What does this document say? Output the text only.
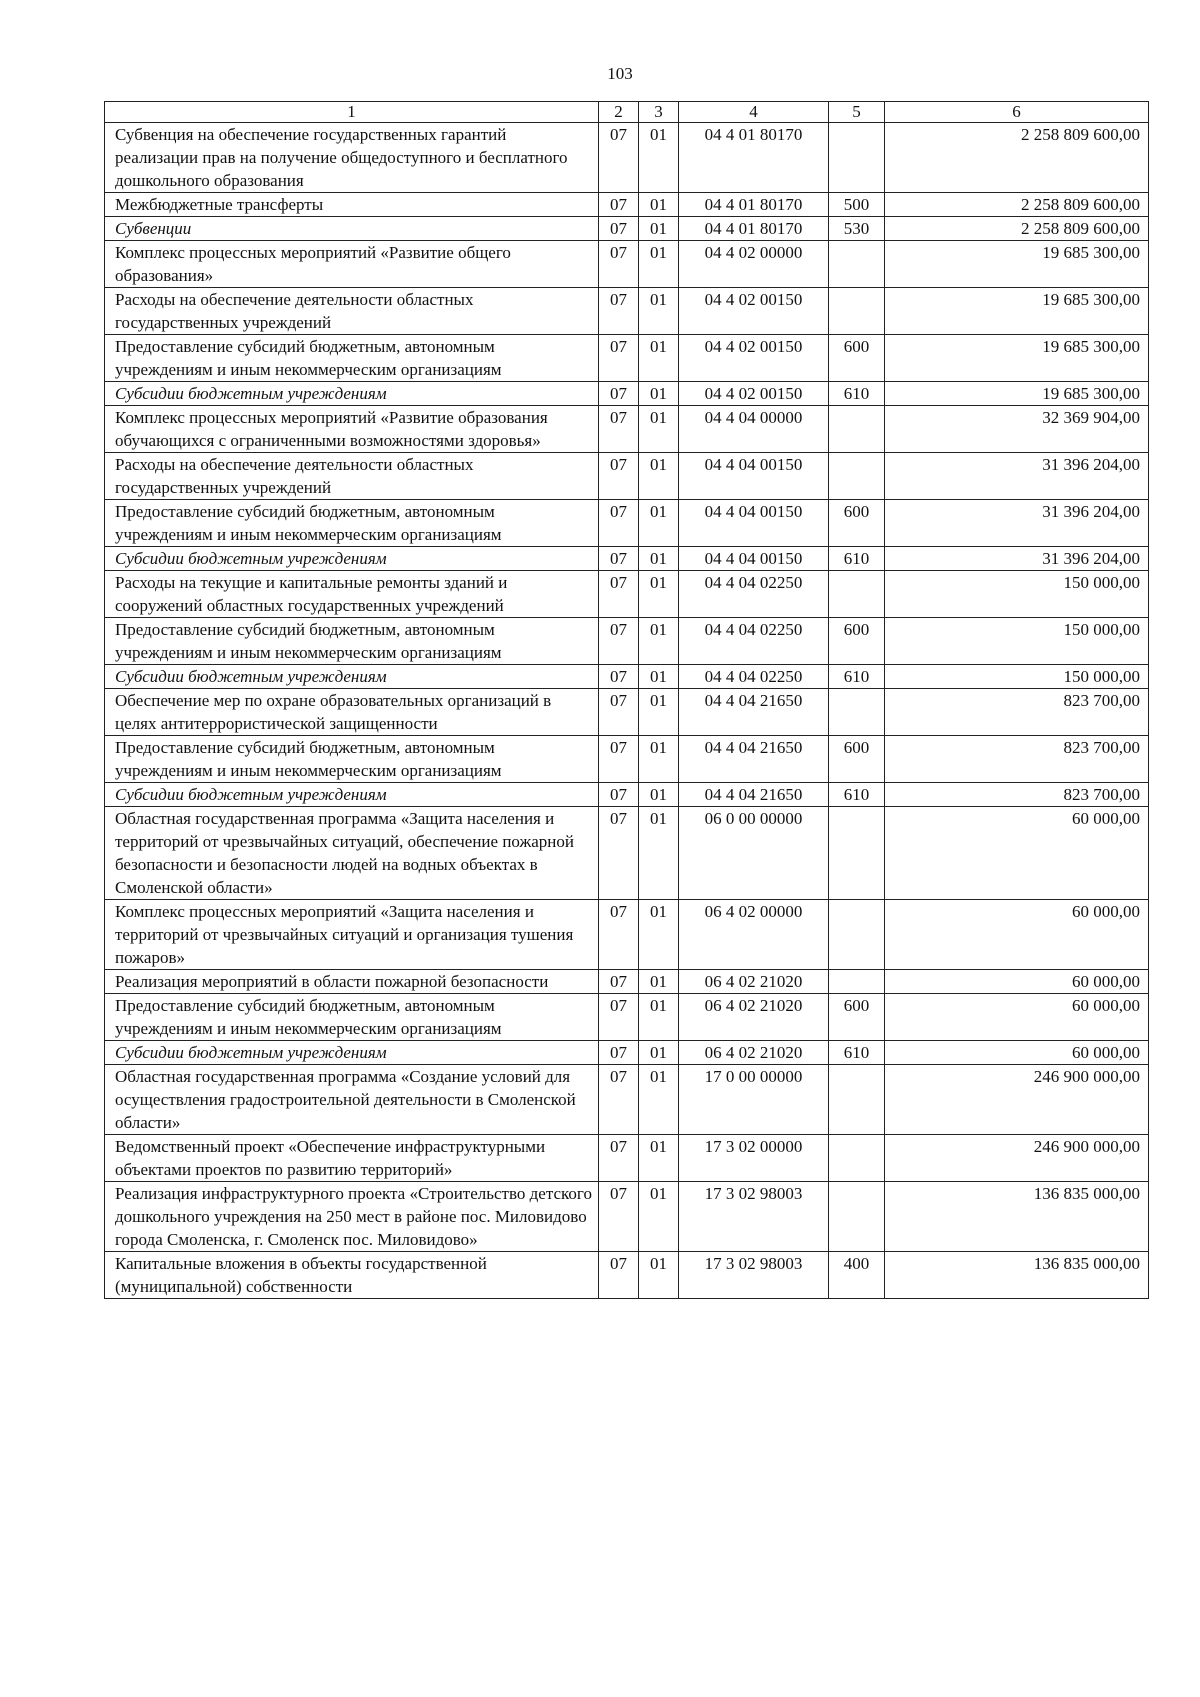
103
1	2	3	4	5	6
Субвенция на обеспечение государственных гарантий реализации прав на получение общедоступного и бесплатного дошкольного образования	07	01	04 4 01 80170		2 258 809 600,00
Межбюджетные трансферты	07	01	04 4 01 80170	500	2 258 809 600,00
Субвенции	07	01	04 4 01 80170	530	2 258 809 600,00
Комплекс процессных мероприятий «Развитие общего образования»	07	01	04 4 02 00000		19 685 300,00
Расходы на обеспечение деятельности областных государственных учреждений	07	01	04 4 02 00150		19 685 300,00
Предоставление субсидий бюджетным, автономным учреждениям и иным некоммерческим организациям	07	01	04 4 02 00150	600	19 685 300,00
Субсидии бюджетным учреждениям	07	01	04 4 02 00150	610	19 685 300,00
Комплекс процессных мероприятий «Развитие образования обучающихся с ограниченными возможностями здоровья»	07	01	04 4 04 00000		32 369 904,00
Расходы на обеспечение деятельности областных государственных учреждений	07	01	04 4 04 00150		31 396 204,00
Предоставление субсидий бюджетным, автономным учреждениям и иным некоммерческим организациям	07	01	04 4 04 00150	600	31 396 204,00
Субсидии бюджетным учреждениям	07	01	04 4 04 00150	610	31 396 204,00
Расходы на текущие и капитальные ремонты зданий и сооружений областных государственных учреждений	07	01	04 4 04 02250		150 000,00
Предоставление субсидий бюджетным, автономным учреждениям и иным некоммерческим организациям	07	01	04 4 04 02250	600	150 000,00
Субсидии бюджетным учреждениям	07	01	04 4 04 02250	610	150 000,00
Обеспечение мер по охране образовательных организаций в целях антитеррористической защищенности	07	01	04 4 04 21650		823 700,00
Предоставление субсидий бюджетным, автономным учреждениям и иным некоммерческим организациям	07	01	04 4 04 21650	600	823 700,00
Субсидии бюджетным учреждениям	07	01	04 4 04 21650	610	823 700,00
Областная государственная программа «Защита населения и территорий от чрезвычайных ситуаций, обеспечение пожарной безопасности и безопасности людей на водных объектах в Смоленской области»	07	01	06 0 00 00000		60 000,00
Комплекс процессных мероприятий «Защита населения и территорий от чрезвычайных ситуаций и организация тушения пожаров»	07	01	06 4 02 00000		60 000,00
Реализация мероприятий в области пожарной безопасности	07	01	06 4 02 21020		60 000,00
Предоставление субсидий бюджетным, автономным учреждениям и иным некоммерческим организациям	07	01	06 4 02 21020	600	60 000,00
Субсидии бюджетным учреждениям	07	01	06 4 02 21020	610	60 000,00
Областная государственная программа «Создание условий для осуществления градостроительной деятельности в Смоленской области»	07	01	17 0 00 00000		246 900 000,00
Ведомственный проект «Обеспечение инфраструктурными объектами проектов по развитию территорий»	07	01	17 3 02 00000		246 900 000,00
Реализация инфраструктурного проекта «Строительство детского дошкольного учреждения на 250 мест в районе пос. Миловидово города Смоленска, г. Смоленск пос. Миловидово»	07	01	17 3 02 98003		136 835 000,00
Капитальные вложения в объекты государственной (муниципальной) собственности	07	01	17 3 02 98003	400	136 835 000,00
